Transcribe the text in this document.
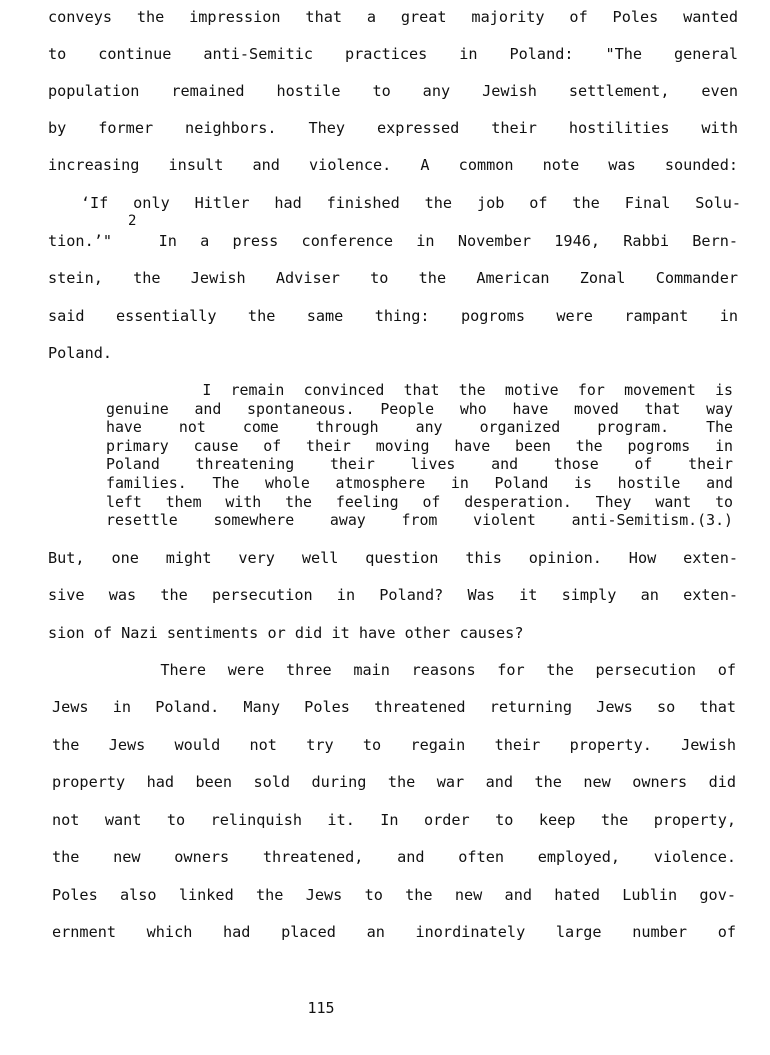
conveys the impression that a great majority of Poles wanted
to continue anti-Semitic practices in Poland: "The general
population remained hostile to any Jewish settlement, even
by former neighbors. They expressed their hostilities with
increasing insult and violence. A common note was sounded:
‘If only Hitler had finished the job of the Final Solu-
2
tion.’"  In a press conference in November 1946, Rabbi Bern-
stein, the Jewish Adviser to the American Zonal Commander
said essentially the same thing: pogroms were rampant in
Poland.
I remain convinced that the motive for movement is
genuine and spontaneous. People who have moved that way
have not come through any organized program. The
primary cause of their moving have been the pogroms in
Poland threatening their lives and those of their
families. The whole atmosphere in Poland is hostile and
left them with the feeling of desperation. They want to
resettle somewhere away from violent anti-Semitism.(3.)
But, one might very well question this opinion. How exten-
sive was the persecution in Poland? Was it simply an exten-
sion of Nazi sentiments or did it have other causes?
There were three main reasons for the persecution of
Jews in Poland. Many Poles threatened returning Jews so that
the Jews would not try to regain their property. Jewish
property had been sold during the war and the new owners did
not want to relinquish it. In order to keep the property,
the new owners threatened, and often employed, violence.
Poles also linked the Jews to the new and hated Lublin gov-
ernment which had placed an inordinately large number of
115
